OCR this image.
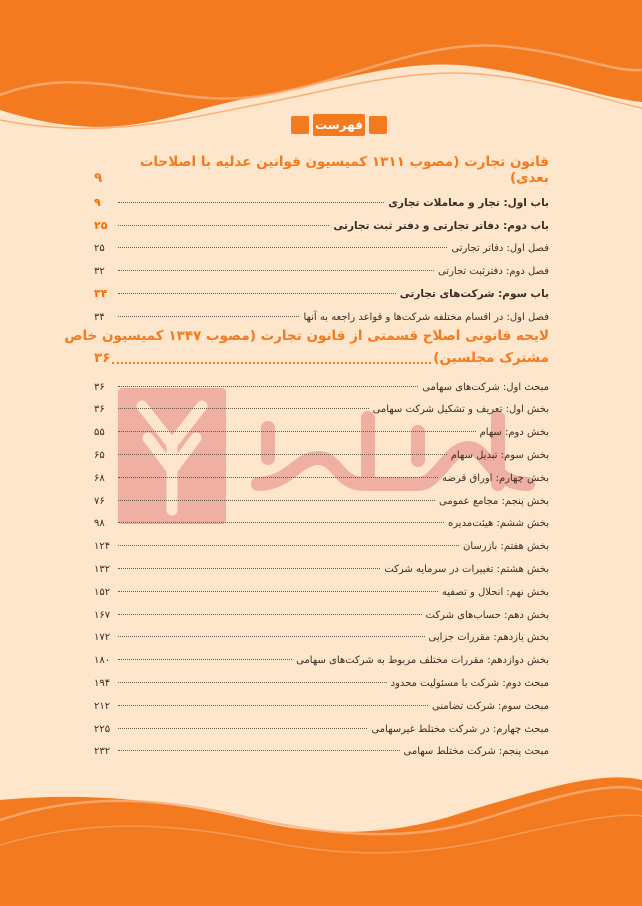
فهرست
قانون تجارت (مصوب ۱۳۱۱ کمیسیون قوانین عدلیه با اصلاحات بعدی)
۹
باب اول: تجار و معاملات تجاری
۹
باب دوم: دفاتر تجارتی و دفتر ثبت تجارتی
۲۵
فصل اول: دفاتر تجارتی
۲۵
فصل دوم: دفترثبت تجارتی
۳۲
باب سوم: شرکت‌های تجارتی
۳۴
فصل اول: در اقسام مختلفه شرکت‌ها و قواعد راجعه به آنها
۳۴
لایحه قانونی اصلاح قسمتی از قانون تجارت (مصوب ۱۳۴۷ کمیسیون خاص
مشترک مجلسین)
۳۶
مبحث اول: شرکت‌های سهامی
۳۶
بخش اول: تعریف و تشکیل شرکت سهامی
۳۶
بخش دوم: سهام
۵۵
بخش سوم: تبدیل سهام
۶۵
بخش چهارم: اوراق قرضه
۶۸
بخش پنجم: مجامع عمومی
۷۶
بخش ششم: هیئت‌مدیره
۹۸
بخش هفتم: بازرسان
۱۲۴
بخش هشتم: تغییرات در سرمایه شرکت
۱۳۲
بخش نهم: انحلال و تصفیه
۱۵۲
بخش دهم: حساب‌های شرکت
۱۶۷
بخش یازدهم: مقررات جزایی
۱۷۲
بخش دوازدهم: مقررات مختلف مربوط به شرکت‌های سهامی
۱۸۰
مبحث دوم: شرکت با مسئولیت محدود
۱۹۴
مبحث سوم: شرکت تضامنی
۲۱۲
مبحث چهارم: در شرکت مختلط غیرسهامی
۲۲۵
مبحث پنجم: شرکت مختلط سهامی
۲۳۲
